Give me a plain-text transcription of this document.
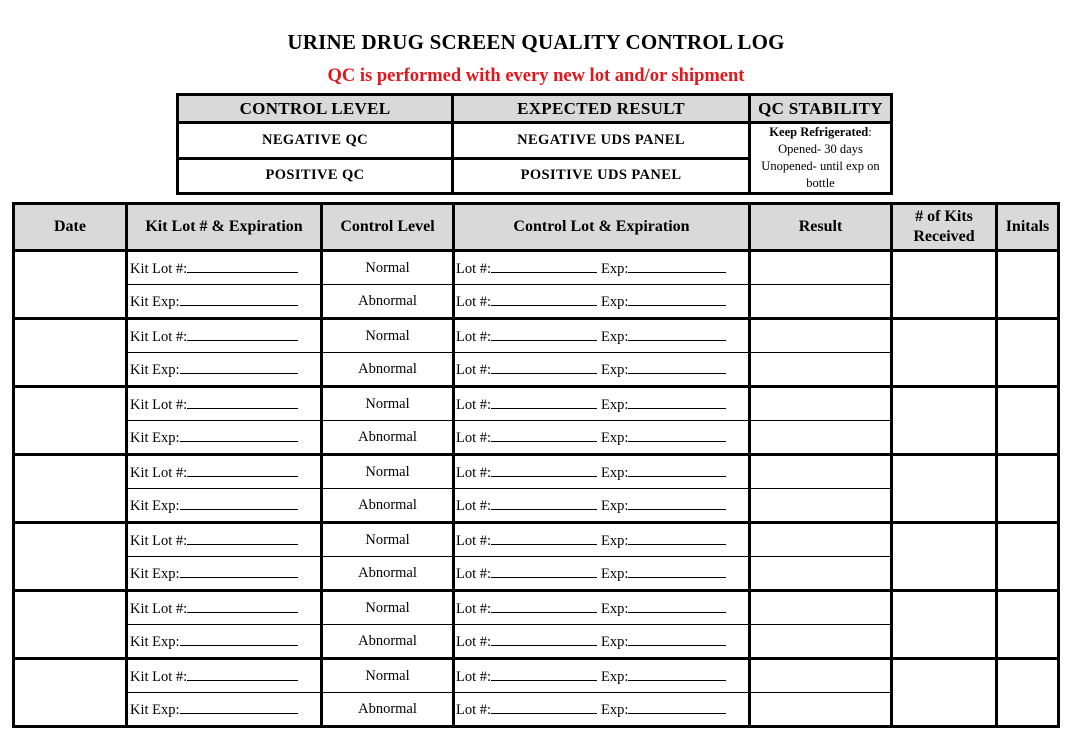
URINE DRUG SCREEN QUALITY CONTROL LOG
QC is performed with every new lot and/or shipment
CONTROL LEVEL	EXPECTED RESULT	QC STABILITY
NEGATIVE QC	NEGATIVE UDS PANEL	Keep Refrigerated:
Opened- 30 days
Unopened- until exp on bottle

POSITIVE QC	POSITIVE UDS PANEL	
Date	Kit Lot # & Expiration	Control Level	Control Lot & Expiration	Result	# of Kits Received	Initals
	Kit Lot #:	Normal	Lot #: Exp:			
	Kit Exp:	Abnormal	Lot #: Exp:			
	Kit Lot #:	Normal	Lot #: Exp:			
	Kit Exp:	Abnormal	Lot #: Exp:			
	Kit Lot #:	Normal	Lot #: Exp:			
	Kit Exp:	Abnormal	Lot #: Exp:			
	Kit Lot #:	Normal	Lot #: Exp:			
	Kit Exp:	Abnormal	Lot #: Exp:			
	Kit Lot #:	Normal	Lot #: Exp:			
	Kit Exp:	Abnormal	Lot #: Exp:			
	Kit Lot #:	Normal	Lot #: Exp:			
	Kit Exp:	Abnormal	Lot #: Exp:			
	Kit Lot #:	Normal	Lot #: Exp:			
	Kit Exp:	Abnormal	Lot #: Exp:			
